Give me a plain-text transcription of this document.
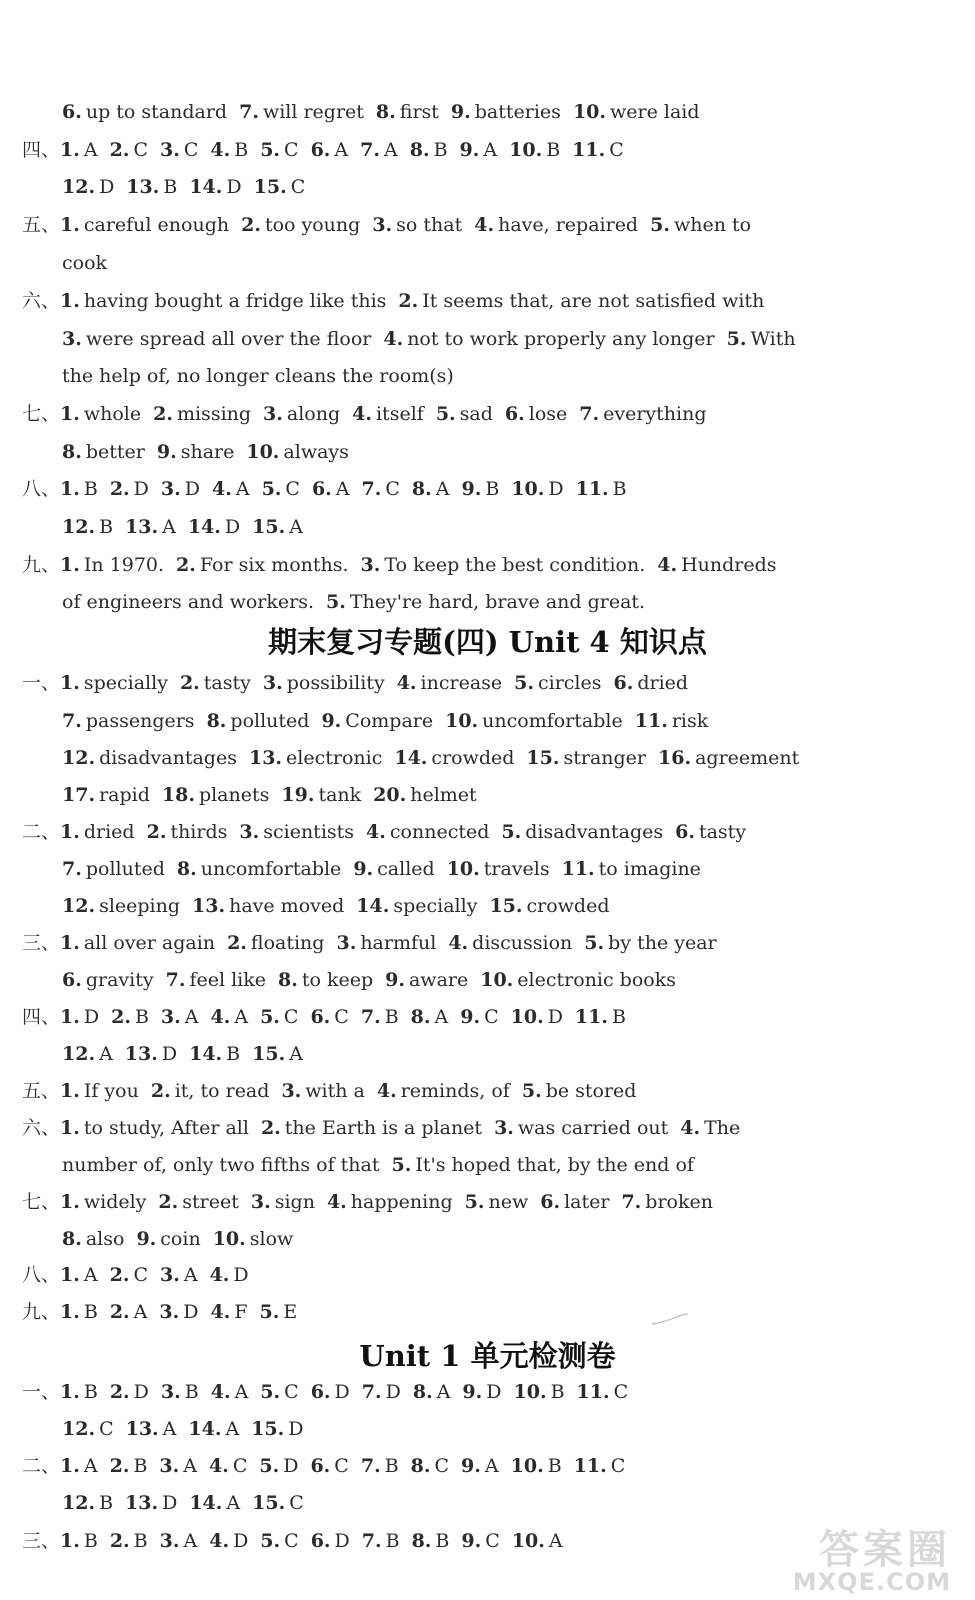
6. up to standard 7. will regret 8. first 9. batteries 10. were laid
四、1. A 2. C 3. C 4. B 5. C 6. A 7. A 8. B 9. A 10. B 11. C
12. D 13. B 14. D 15. C
五、1. careful enough 2. too young 3. so that 4. have, repaired 5. when to
cook
六、1. having bought a fridge like this 2. It seems that, are not satisfied with
3. were spread all over the floor 4. not to work properly any longer 5. With
the help of, no longer cleans the room(s)
七、1. whole 2. missing 3. along 4. itself 5. sad 6. lose 7. everything
8. better 9. share 10. always
八、1. B 2. D 3. D 4. A 5. C 6. A 7. C 8. A 9. B 10. D 11. B
12. B 13. A 14. D 15. A
九、1. In 1970. 2. For six months. 3. To keep the best condition. 4. Hundreds
of engineers and workers. 5. They're hard, brave and great.
期末复习专题(四) Unit 4 知识点
一、1. specially 2. tasty 3. possibility 4. increase 5. circles 6. dried
7. passengers 8. polluted 9. Compare 10. uncomfortable 11. risk
12. disadvantages 13. electronic 14. crowded 15. stranger 16. agreement
17. rapid 18. planets 19. tank 20. helmet
二、1. dried 2. thirds 3. scientists 4. connected 5. disadvantages 6. tasty
7. polluted 8. uncomfortable 9. called 10. travels 11. to imagine
12. sleeping 13. have moved 14. specially 15. crowded
三、1. all over again 2. floating 3. harmful 4. discussion 5. by the year
6. gravity 7. feel like 8. to keep 9. aware 10. electronic books
四、1. D 2. B 3. A 4. A 5. C 6. C 7. B 8. A 9. C 10. D 11. B
12. A 13. D 14. B 15. A
五、1. If you 2. it, to read 3. with a 4. reminds, of 5. be stored
六、1. to study, After all 2. the Earth is a planet 3. was carried out 4. The
number of, only two fifths of that 5. It's hoped that, by the end of
七、1. widely 2. street 3. sign 4. happening 5. new 6. later 7. broken
8. also 9. coin 10. slow
八、1. A 2. C 3. A 4. D
九、1. B 2. A 3. D 4. F 5. E
Unit 1 单元检测卷
一、1. B 2. D 3. B 4. A 5. C 6. D 7. D 8. A 9. D 10. B 11. C
12. C 13. A 14. A 15. D
二、1. A 2. B 3. A 4. C 5. D 6. C 7. B 8. C 9. A 10. B 11. C
12. B 13. D 14. A 15. C
三、1. B 2. B 3. A 4. D 5. C 6. D 7. B 8. B 9. C 10. A	答案圈
MXQE.COM
